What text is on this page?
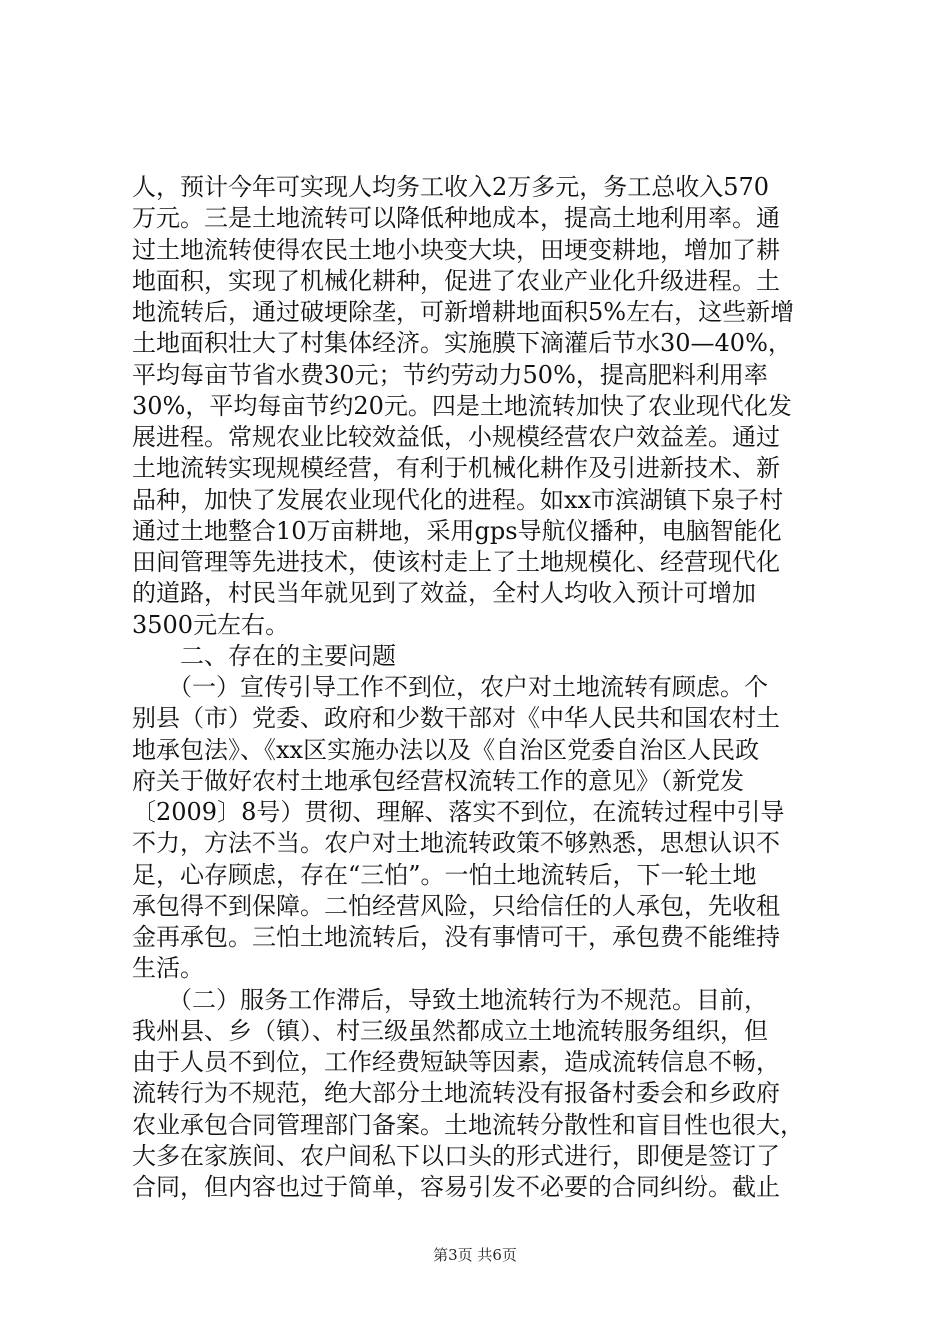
人，预计今年可实现人均务工收入2万多元，务工总收入570
万元。三是土地流转可以降低种地成本，提高土地利用率。通
过土地流转使得农民土地小块变大块，田埂变耕地，增加了耕
地面积，实现了机械化耕种，促进了农业产业化升级进程。土
地流转后，通过破埂除垄，可新增耕地面积5%左右，这些新增
土地面积壮大了村集体经济。实施膜下滴灌后节水30—40%，
平均每亩节省水费30元；节约劳动力50%，提高肥料利用率
30%，平均每亩节约20元。四是土地流转加快了农业现代化发
展进程。常规农业比较效益低，小规模经营农户效益差。通过
土地流转实现规模经营，有利于机械化耕作及引进新技术、新
品种，加快了发展农业现代化的进程。如xx市滨湖镇下泉子村
通过土地整合10万亩耕地，采用gps导航仪播种，电脑智能化
田间管理等先进技术，使该村走上了土地规模化、经营现代化
的道路，村民当年就见到了效益，全村人均收入预计可增加
3500元左右。
　　二、存在的主要问题
　　（一）宣传引导工作不到位，农户对土地流转有顾虑。个
别县（市）党委、政府和少数干部对《中华人民共和国农村土
地承包法》、《xx区实施办法以及《自治区党委自治区人民政
府关于做好农村土地承包经营权流转工作的意见》（新党发
〔2009〕8号）贯彻、理解、落实不到位，在流转过程中引导
不力，方法不当。农户对土地流转政策不够熟悉，思想认识不
足，心存顾虑，存在“三怕”。一怕土地流转后，下一轮土地
承包得不到保障。二怕经营风险，只给信任的人承包，先收租
金再承包。三怕土地流转后，没有事情可干，承包费不能维持
生活。
　　（二）服务工作滞后，导致土地流转行为不规范。目前，
我州县、乡（镇）、村三级虽然都成立土地流转服务组织，但
由于人员不到位，工作经费短缺等因素，造成流转信息不畅，
流转行为不规范，绝大部分土地流转没有报备村委会和乡政府
农业承包合同管理部门备案。土地流转分散性和盲目性也很大，
大多在家族间、农户间私下以口头的形式进行，即便是签订了
合同，但内容也过于简单，容易引发不必要的合同纠纷。截止
第3页 共6页
